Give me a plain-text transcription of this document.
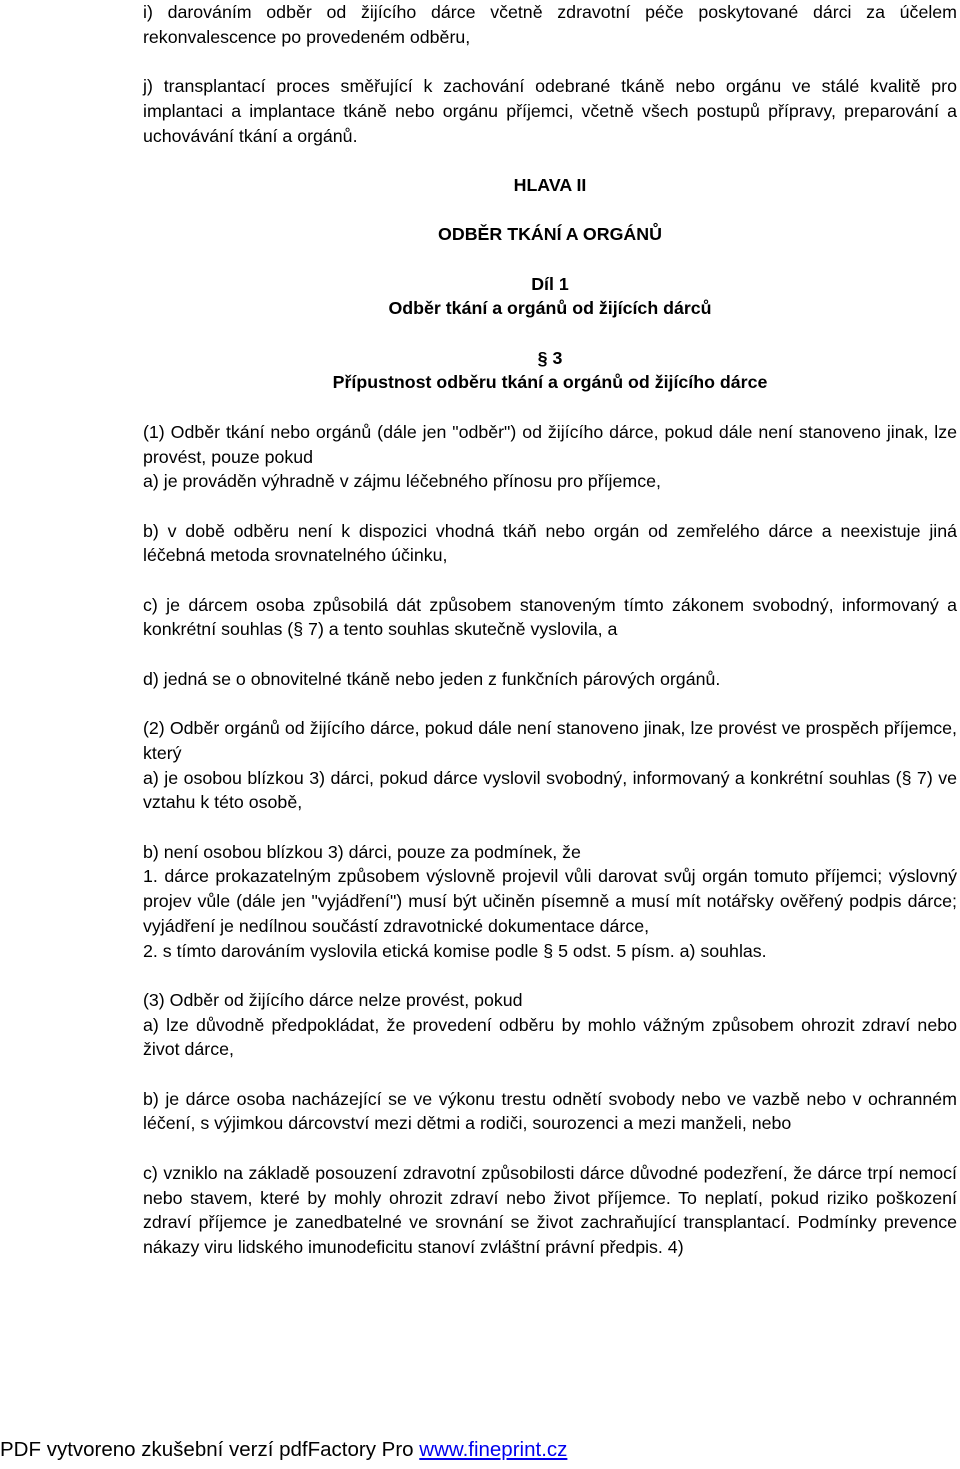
i) darováním odběr od žijícího dárce včetně zdravotní péče poskytované dárci za účelem rekonvalescence po provedeném odběru,

j) transplantací proces směřující k zachování odebrané tkáně nebo orgánu ve stálé kvalitě pro implantaci a implantace tkáně nebo orgánu příjemci, včetně všech postupů přípravy, preparování a uchovávání tkání a orgánů.

HLAVA II

ODBĚR TKÁNÍ A ORGÁNŮ

Díl 1

Odběr tkání a orgánů od žijících dárců

§ 3

Přípustnost odběru tkání a orgánů od žijícího dárce

(1) Odběr tkání nebo orgánů (dále jen "odběr") od žijícího dárce, pokud dále není stanoveno jinak, lze provést, pouze pokud

a) je prováděn výhradně v zájmu léčebného přínosu pro příjemce,

b) v době odběru není k dispozici vhodná tkáň nebo orgán od zemřelého dárce a neexistuje jiná léčebná metoda srovnatelného účinku,

c) je dárcem osoba způsobilá dát způsobem stanoveným tímto zákonem svobodný, informovaný a konkrétní souhlas (§ 7) a tento souhlas skutečně vyslovila, a

d) jedná se o obnovitelné tkáně nebo jeden z funkčních párových orgánů.

(2) Odběr orgánů od žijícího dárce, pokud dále není stanoveno jinak, lze provést ve prospěch příjemce, který

a) je osobou blízkou 3) dárci, pokud dárce vyslovil svobodný, informovaný a konkrétní souhlas (§ 7) ve vztahu k této osobě,

b) není osobou blízkou 3) dárci, pouze za podmínek, že

1. dárce prokazatelným způsobem výslovně projevil vůli darovat svůj orgán tomuto příjemci; výslovný projev vůle (dále jen "vyjádření") musí být učiněn písemně a musí mít notářsky ověřený podpis dárce; vyjádření je nedílnou součástí zdravotnické dokumentace dárce,

2. s tímto darováním vyslovila etická komise podle § 5 odst. 5 písm. a) souhlas.

(3) Odběr od žijícího dárce nelze provést, pokud

a) lze důvodně předpokládat, že provedení odběru by mohlo vážným způsobem ohrozit zdraví nebo život dárce,

b) je dárce osoba nacházející se ve výkonu trestu odnětí svobody nebo ve vazbě nebo v ochranném léčení, s výjimkou dárcovství mezi dětmi a rodiči, sourozenci a mezi manželi, nebo

c) vzniklo na základě posouzení zdravotní způsobilosti dárce důvodné podezření, že dárce trpí nemocí nebo stavem, které by mohly ohrozit zdraví nebo život příjemce. To neplatí, pokud riziko poškození zdraví příjemce je zanedbatelné ve srovnání se život zachraňující transplantací. Podmínky prevence nákazy viru lidského imunodeficitu stanoví zvláštní právní předpis. 4)

PDF vytvoreno zkušební verzí pdfFactory Pro www.fineprint.cz
